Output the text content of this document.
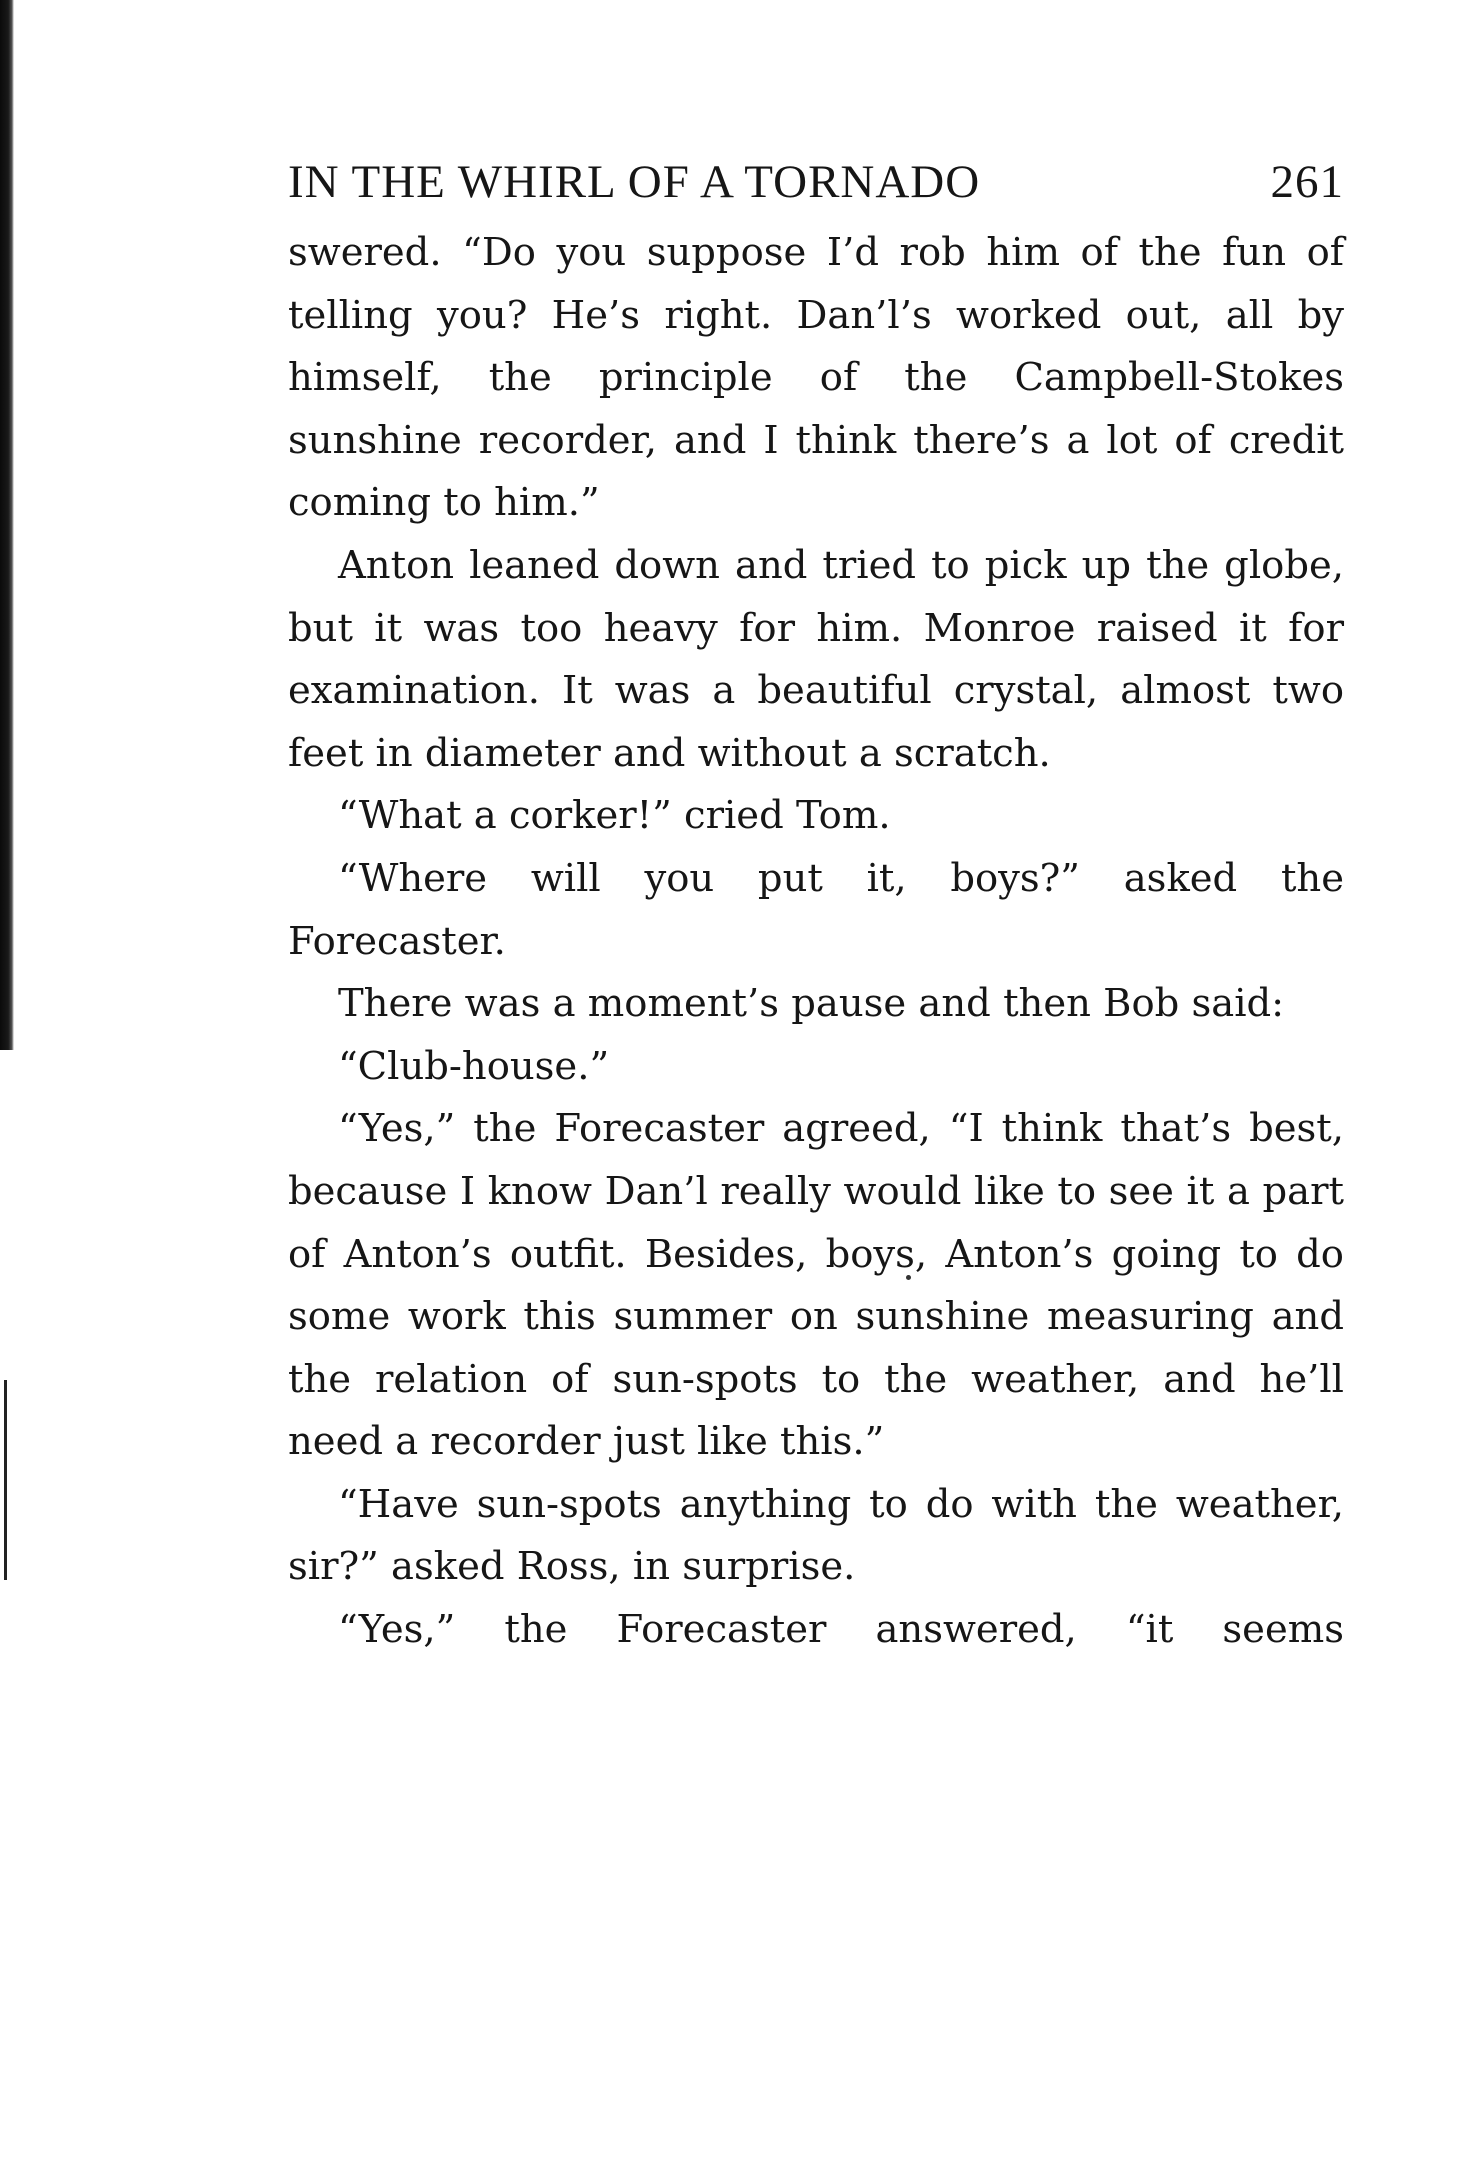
IN THE WHIRL OF A TORNADO	261

swered. “Do you suppose I’d rob him of the fun of telling you? He’s right. Dan’l’s worked out, all by himself, the principle of the Campbell-Stokes sunshine recorder, and I think there’s a lot of credit coming to him.”

Anton leaned down and tried to pick up the globe, but it was too heavy for him. Monroe raised it for examination. It was a beautiful crystal, almost two feet in diameter and without a scratch.

“What a corker!” cried Tom.

“Where will you put it, boys?” asked the Forecaster.

There was a moment’s pause and then Bob said:

“Club-house.”

“Yes,” the Forecaster agreed, “I think that’s best, because I know Dan’l really would like to see it a part of Anton’s outfit. Besides, boys, Anton’s going to do some work this summer on sunshine measuring and the relation of sun-spots to the weather, and he’ll need a recorder just like this.”

“Have sun-spots anything to do with the weather, sir?” asked Ross, in surprise.

“Yes,” the Forecaster answered, “it seems
